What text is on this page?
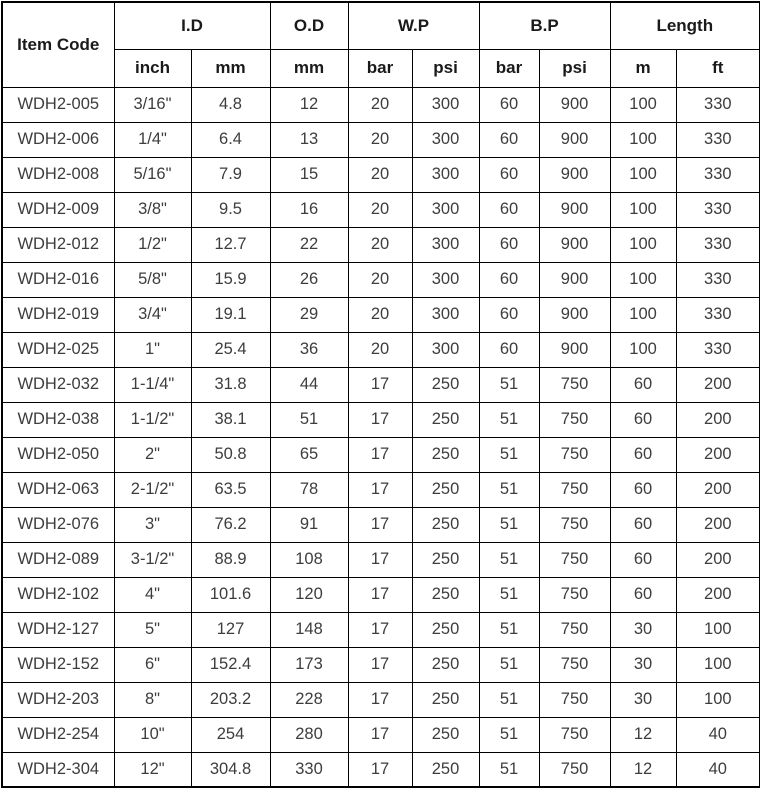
Item Code	I.D		O.D	W.P		B.P		Length	
	inch	mm	mm	bar	psi	bar	psi	m	ft
WDH2-005	3/16"	4.8	12	20	300	60	900	100	330
WDH2-006	1/4"	6.4	13	20	300	60	900	100	330
WDH2-008	5/16"	7.9	15	20	300	60	900	100	330
WDH2-009	3/8"	9.5	16	20	300	60	900	100	330
WDH2-012	1/2"	12.7	22	20	300	60	900	100	330
WDH2-016	5/8"	15.9	26	20	300	60	900	100	330
WDH2-019	3/4"	19.1	29	20	300	60	900	100	330
WDH2-025	1"	25.4	36	20	300	60	900	100	330
WDH2-032	1-1/4"	31.8	44	17	250	51	750	60	200
WDH2-038	1-1/2"	38.1	51	17	250	51	750	60	200
WDH2-050	2"	50.8	65	17	250	51	750	60	200
WDH2-063	2-1/2"	63.5	78	17	250	51	750	60	200
WDH2-076	3"	76.2	91	17	250	51	750	60	200
WDH2-089	3-1/2"	88.9	108	17	250	51	750	60	200
WDH2-102	4"	101.6	120	17	250	51	750	60	200
WDH2-127	5"	127	148	17	250	51	750	30	100
WDH2-152	6"	152.4	173	17	250	51	750	30	100
WDH2-203	8"	203.2	228	17	250	51	750	30	100
WDH2-254	10"	254	280	17	250	51	750	12	40
WDH2-304	12"	304.8	330	17	250	51	750	12	40
